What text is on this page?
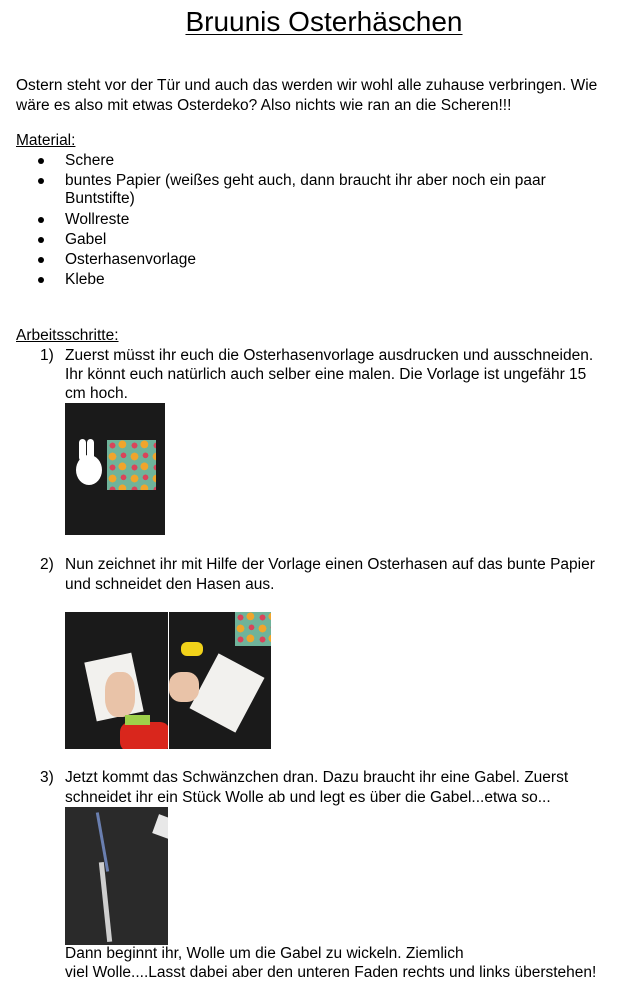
Bruunis Osterhäschen
Ostern steht vor der Tür und auch das werden wir wohl alle zuhause verbringen. Wie
wäre es also mit etwas Osterdeko? Also nichts wie ran an die Scheren!!!
Material:
Schere
buntes Papier (weißes geht auch, dann braucht ihr aber noch ein paar
Buntstifte)
Wollreste
Gabel
Osterhasenvorlage
Klebe
Arbeitsschritte:
1) Zuerst müsst ihr euch die Osterhasenvorlage ausdrucken und ausschneiden.
Ihr könnt euch natürlich auch selber eine malen. Die Vorlage ist ungefähr 15
cm hoch.
2) Nun zeichnet ihr mit Hilfe der Vorlage einen Osterhasen auf das bunte Papier
und schneidet den Hasen aus.
3) Jetzt kommt das Schwänzchen dran. Dazu braucht ihr eine Gabel. Zuerst
schneidet ihr ein Stück Wolle ab und legt es über die Gabel...etwa so...
Dann beginnt ihr, Wolle um die Gabel zu wickeln. Ziemlich
viel Wolle....Lasst dabei aber den unteren Faden rechts und links überstehen!
